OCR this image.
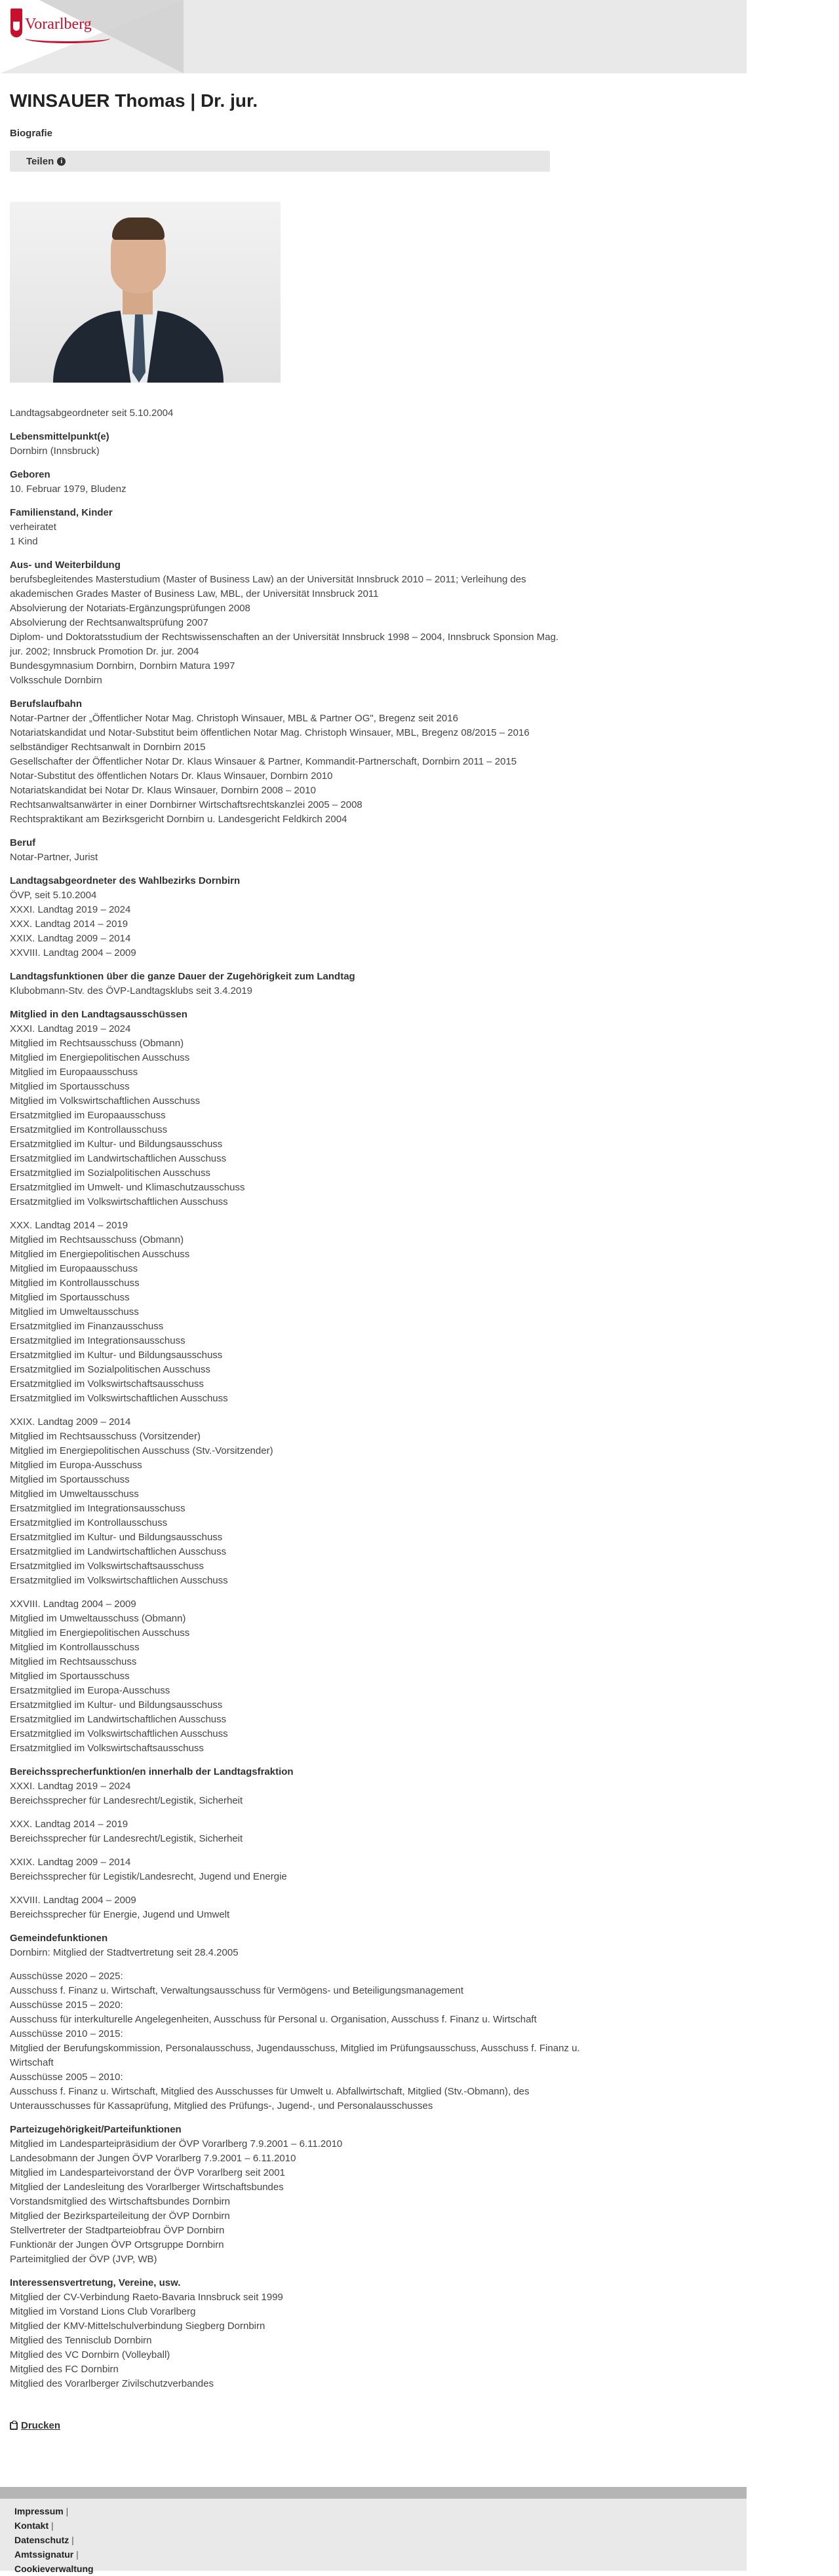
Vorarlberg
WINSAUER Thomas | Dr. jur.
Biografie
Teilen	i
Landtagsabgeordneter seit 5.10.2004
Lebensmittelpunkt(e)
Dornbirn (Innsbruck)
Geboren
10. Februar 1979, Bludenz
Familienstand, Kinder
verheiratet
1 Kind
Aus- und Weiterbildung
berufsbegleitendes Masterstudium (Master of Business Law) an der Universität Innsbruck 2010 – 2011; Verleihung des
akademischen Grades Master of Business Law, MBL, der Universität Innsbruck 2011
Absolvierung der Notariats-Ergänzungsprüfungen 2008
Absolvierung der Rechtsanwaltsprüfung 2007
Diplom- und Doktoratsstudium der Rechtswissenschaften an der Universität Innsbruck 1998 – 2004, Innsbruck Sponsion Mag.
jur. 2002; Innsbruck Promotion Dr. jur. 2004
Bundesgymnasium Dornbirn, Dornbirn Matura 1997
Volksschule Dornbirn
Berufslaufbahn
Notar-Partner der „Öffentlicher Notar Mag. Christoph Winsauer, MBL & Partner OG", Bregenz seit 2016
Notariatskandidat und Notar-Substitut beim öffentlichen Notar Mag. Christoph Winsauer, MBL, Bregenz 08/2015 – 2016
selbständiger Rechtsanwalt in Dornbirn 2015
Gesellschafter der Öffentlicher Notar Dr. Klaus Winsauer & Partner, Kommandit-Partnerschaft, Dornbirn 2011 – 2015
Notar-Substitut des öffentlichen Notars Dr. Klaus Winsauer, Dornbirn 2010
Notariatskandidat bei Notar Dr. Klaus Winsauer, Dornbirn 2008 – 2010
Rechtsanwaltsanwärter in einer Dornbirner Wirtschaftsrechtskanzlei 2005 – 2008
Rechtspraktikant am Bezirksgericht Dornbirn u. Landesgericht Feldkirch 2004
Beruf
Notar-Partner, Jurist
Landtagsabgeordneter des Wahlbezirks Dornbirn
ÖVP, seit 5.10.2004
XXXI. Landtag 2019 – 2024
XXX. Landtag 2014 – 2019
XXIX. Landtag 2009 – 2014
XXVIII. Landtag 2004 – 2009
Landtagsfunktionen über die ganze Dauer der Zugehörigkeit zum Landtag
Klubobmann-Stv. des ÖVP-Landtagsklubs seit 3.4.2019
Mitglied in den Landtagsausschüssen
XXXI. Landtag 2019 – 2024
Mitglied im Rechtsausschuss (Obmann)
Mitglied im Energiepolitischen Ausschuss
Mitglied im Europaausschuss
Mitglied im Sportausschuss
Mitglied im Volkswirtschaftlichen Ausschuss
Ersatzmitglied im Europaausschuss
Ersatzmitglied im Kontrollausschuss
Ersatzmitglied im Kultur- und Bildungsausschuss
Ersatzmitglied im Landwirtschaftlichen Ausschuss
Ersatzmitglied im Sozialpolitischen Ausschuss
Ersatzmitglied im Umwelt- und Klimaschutzausschuss
Ersatzmitglied im Volkswirtschaftlichen Ausschuss
XXX. Landtag 2014 – 2019
Mitglied im Rechtsausschuss (Obmann)
Mitglied im Energiepolitischen Ausschuss
Mitglied im Europaausschuss
Mitglied im Kontrollausschuss
Mitglied im Sportausschuss
Mitglied im Umweltausschuss
Ersatzmitglied im Finanzausschuss
Ersatzmitglied im Integrationsausschuss
Ersatzmitglied im Kultur- und Bildungsausschuss
Ersatzmitglied im Sozialpolitischen Ausschuss
Ersatzmitglied im Volkswirtschaftsausschuss
Ersatzmitglied im Volkswirtschaftlichen Ausschuss
XXIX. Landtag 2009 – 2014
Mitglied im Rechtsausschuss (Vorsitzender)
Mitglied im Energiepolitischen Ausschuss (Stv.-Vorsitzender)
Mitglied im Europa-Ausschuss
Mitglied im Sportausschuss
Mitglied im Umweltausschuss
Ersatzmitglied im Integrationsausschuss
Ersatzmitglied im Kontrollausschuss
Ersatzmitglied im Kultur- und Bildungsausschuss
Ersatzmitglied im Landwirtschaftlichen Ausschuss
Ersatzmitglied im Volkswirtschaftsausschuss
Ersatzmitglied im Volkswirtschaftlichen Ausschuss
XXVIII. Landtag 2004 – 2009
Mitglied im Umweltausschuss (Obmann)
Mitglied im Energiepolitischen Ausschuss
Mitglied im Kontrollausschuss
Mitglied im Rechtsausschuss
Mitglied im Sportausschuss
Ersatzmitglied im Europa-Ausschuss
Ersatzmitglied im Kultur- und Bildungsausschuss
Ersatzmitglied im Landwirtschaftlichen Ausschuss
Ersatzmitglied im Volkswirtschaftlichen Ausschuss
Ersatzmitglied im Volkswirtschaftsausschuss
Bereichssprecherfunktion/en innerhalb der Landtagsfraktion
XXXI. Landtag 2019 – 2024
Bereichssprecher für Landesrecht/Legistik, Sicherheit
XXX. Landtag 2014 – 2019
Bereichssprecher für Landesrecht/Legistik, Sicherheit
XXIX. Landtag 2009 – 2014
Bereichssprecher für Legistik/Landesrecht, Jugend und Energie
XXVIII. Landtag 2004 – 2009
Bereichssprecher für Energie, Jugend und Umwelt
Gemeindefunktionen
Dornbirn: Mitglied der Stadtvertretung seit 28.4.2005
Ausschüsse 2020 – 2025:
Ausschuss f. Finanz u. Wirtschaft, Verwaltungsausschuss für Vermögens- und Beteiligungsmanagement
Ausschüsse 2015 – 2020:
Ausschuss für interkulturelle Angelegenheiten, Ausschuss für Personal u. Organisation, Ausschuss f. Finanz u. Wirtschaft
Ausschüsse 2010 – 2015:
Mitglied der Berufungskommission, Personalausschuss, Jugendausschuss, Mitglied im Prüfungsausschuss, Ausschuss f. Finanz u.
Wirtschaft
Ausschüsse 2005 – 2010:
Ausschuss f. Finanz u. Wirtschaft, Mitglied des Ausschusses für Umwelt u. Abfallwirtschaft, Mitglied (Stv.-Obmann), des
Unterausschusses für Kassaprüfung, Mitglied des Prüfungs-, Jugend-, und Personalausschusses
Parteizugehörigkeit/Parteifunktionen
Mitglied im Landesparteipräsidium der ÖVP Vorarlberg 7.9.2001 – 6.11.2010
Landesobmann der Jungen ÖVP Vorarlberg 7.9.2001 – 6.11.2010
Mitglied im Landesparteivorstand der ÖVP Vorarlberg seit 2001
Mitglied der Landesleitung des Vorarlberger Wirtschaftsbundes
Vorstandsmitglied des Wirtschaftsbundes Dornbirn
Mitglied der Bezirksparteileitung der ÖVP Dornbirn
Stellvertreter der Stadtparteiobfrau ÖVP Dornbirn
Funktionär der Jungen ÖVP Ortsgruppe Dornbirn
Parteimitglied der ÖVP (JVP, WB)
Interessensvertretung, Vereine, usw.
Mitglied der CV-Verbindung Raeto-Bavaria Innsbruck seit 1999
Mitglied im Vorstand Lions Club Vorarlberg
Mitglied der KMV-Mittelschulverbindung Siegberg Dornbirn
Mitglied des Tennisclub Dornbirn
Mitglied des VC Dornbirn (Volleyball)
Mitglied des FC Dornbirn
Mitglied des Vorarlberger Zivilschutzverbandes
Drucken
Impressum |
Kontakt |
Datenschutz |
Amtssignatur |
Cookieverwaltung
